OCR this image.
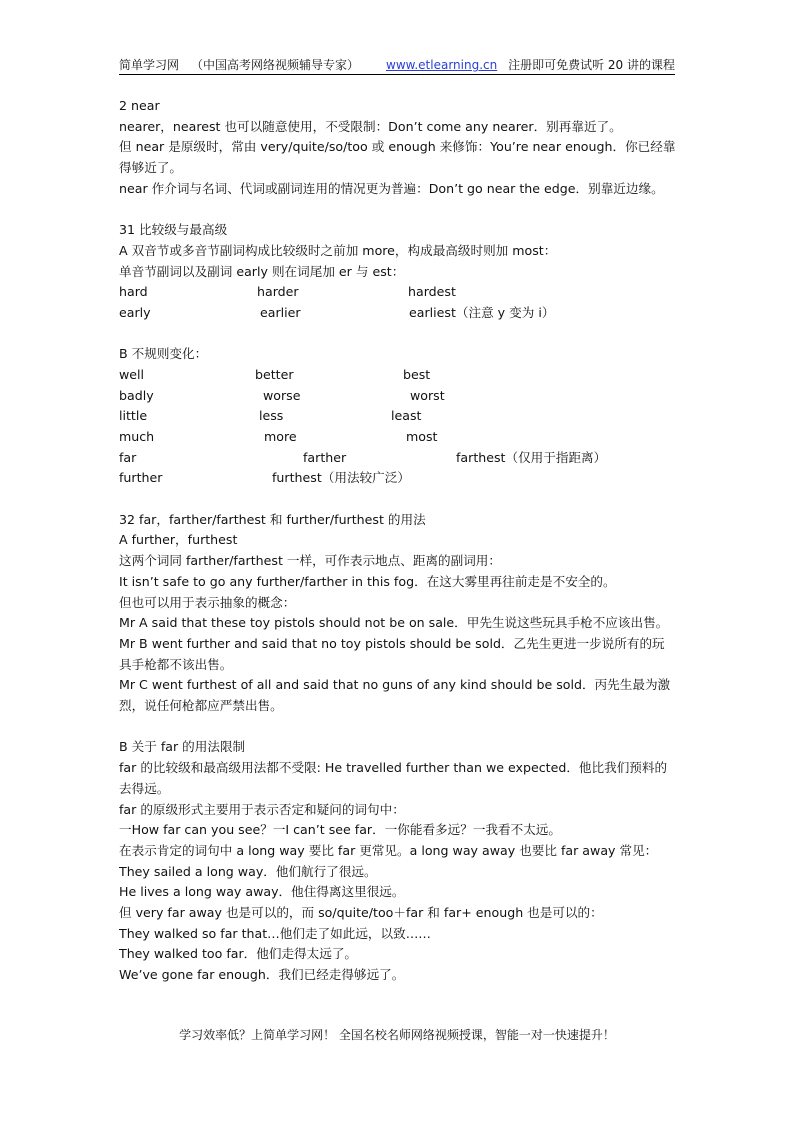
简单学习网 （中国高考网络视频辅导专家） www.etlearning.cn 注册即可免费试听 20 讲的课程
2 near
nearer，nearest 也可以随意使用，不受限制：Don’t come any nearer．别再靠近了。
但 near 是原级时，常由 very/quite/so/too 或 enough 来修饰：You’re near enough．你已经靠得够近了。
near 作介词与名词、代词或副词连用的情况更为普遍：Don’t go near the edge．别靠近边缘。
31 比较级与最高级
A 双音节或多音节副词构成比较级时之前加 more，构成最高级时则加 most：
单音节副词以及副词 early 则在词尾加 er 与 est：
hard	harder	hardest
early	earlier	earliest（注意 y 变为 i）
B 不规则变化：
well	better	best
badly	worse	worst
little	less	least
much	more	most
far	farther	farthest（仅用于指距离）
further	furthest（用法较广泛）
32 far，farther/farthest 和 further/furthest 的用法
A further，furthest
这两个词同 farther/farthest 一样，可作表示地点、距离的副词用：
It isn’t safe to go any further/farther in this fog．在这大雾里再往前走是不安全的。
但也可以用于表示抽象的概念：
Mr A said that these toy pistols should not be on sale．甲先生说这些玩具手枪不应该出售。
Mr B went further and said that no toy pistols should be sold．乙先生更进一步说所有的玩具手枪都不该出售。
Mr C went furthest of all and said that no guns of any kind should be sold．丙先生最为激烈，说任何枪都应严禁出售。
B 关于 far 的用法限制
far 的比较级和最高级用法都不受限: He travelled further than we expected．他比我们预料的去得远。
far 的原级形式主要用于表示否定和疑问的词句中：
一How far can you see？一I can’t see far．一你能看多远？一我看不太远。
在表示肯定的词句中 a long way 要比 far 更常见。a long way away 也要比 far away 常见：
They sailed a long way．他们航行了很远。
He lives a long way away．他住得离这里很远。
但 very far away 也是可以的，而 so/quite/too＋far 和 far+ enough 也是可以的：
They walked so far that…他们走了如此远，以致……
They walked too far．他们走得太远了。
We’ve gone far enough．我们已经走得够远了。
学习效率低？上简单学习网！ 全国名校名师网络视频授课，智能一对一快速提升！
